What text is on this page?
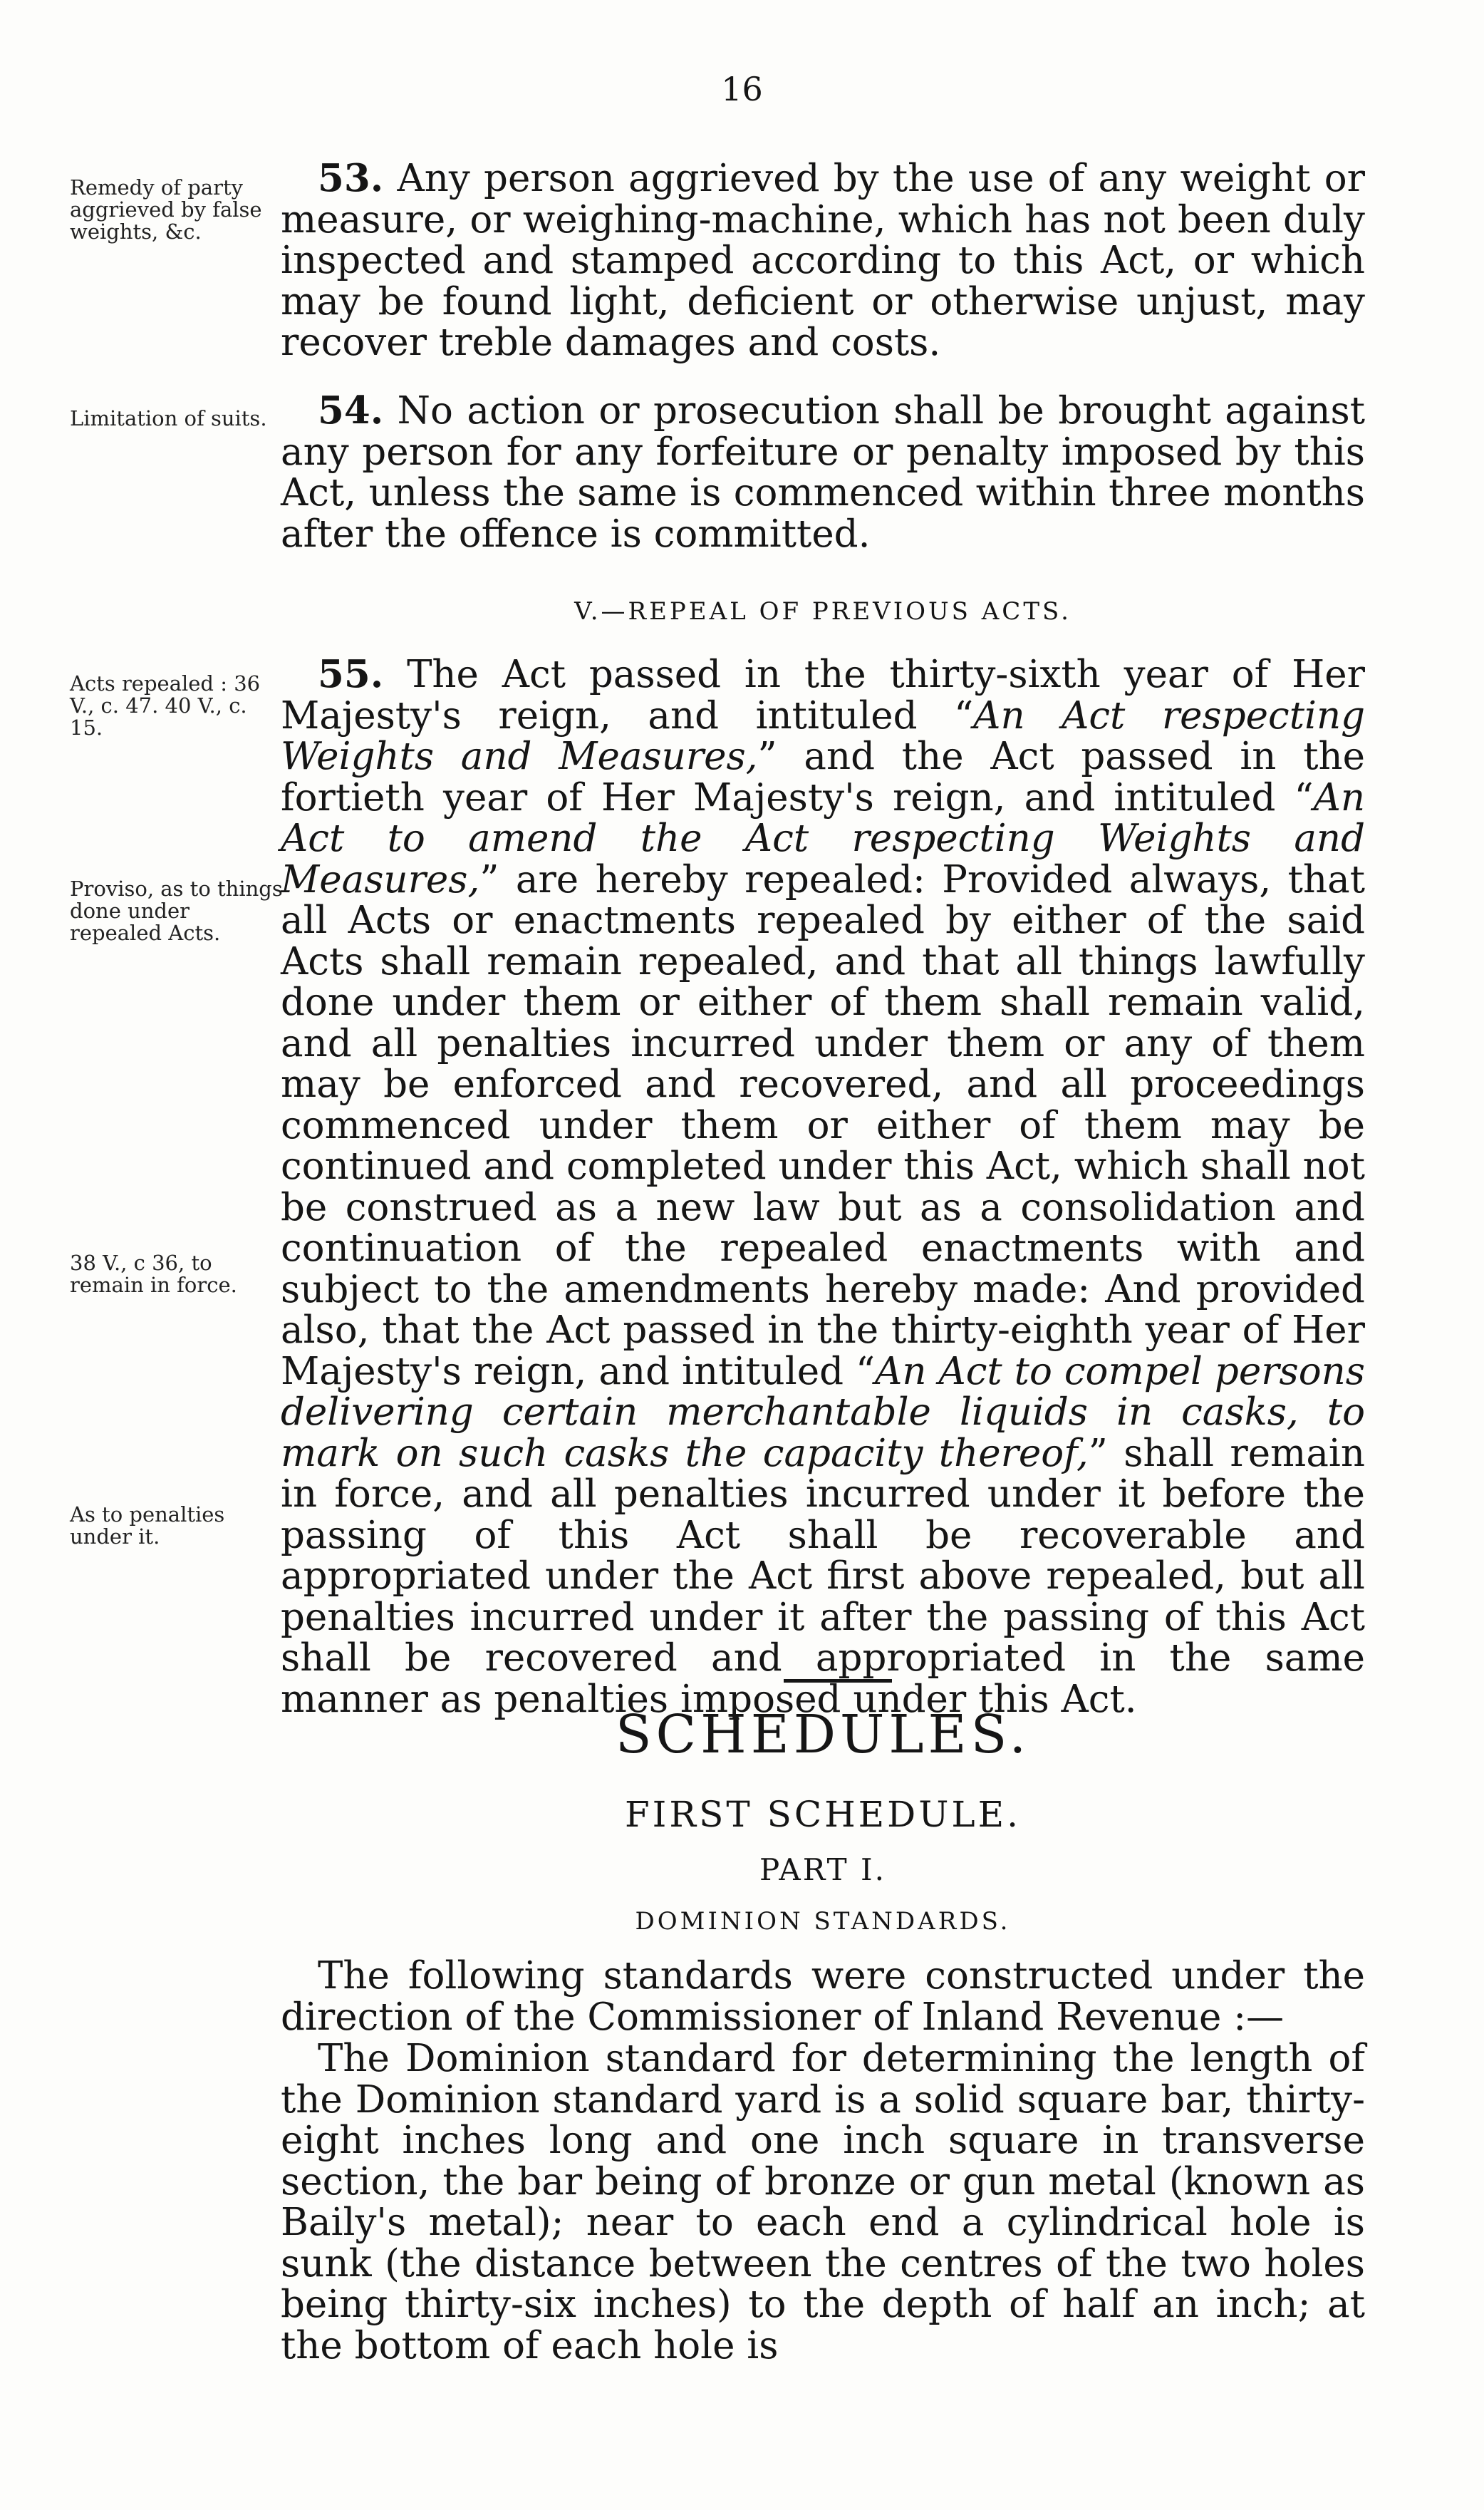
16

Remedy of party aggrieved by false weights, &c.

53. Any person aggrieved by the use of any weight or measure, or weighing-machine, which has not been duly inspected and stamped according to this Act, or which may be found light, deficient or otherwise unjust, may recover treble damages and costs.

Limitation of suits.	54. No action or prosecution shall be brought against any person for any forfeiture or penalty imposed by this Act, unless the same is commenced within three months after the offence is committed.

V.—REPEAL OF PREVIOUS ACTS.

Acts repealed : 36 V., c. 47. 40 V., c. 15.

Proviso, as to things done under repealed Acts.

38 V., c 36, to remain in force.

As to penalties under it.

55. The Act passed in the thirty-sixth year of Her Majesty's reign, and intituled “An Act respecting Weights and Measures,” and the Act passed in the fortieth year of Her Majesty's reign, and intituled “An Act to amend the Act respecting Weights and Measures,” are hereby repealed: Provided always, that all Acts or enactments repealed by either of the said Acts shall remain repealed, and that all things lawfully done under them or either of them shall remain valid, and all penalties incurred under them or any of them may be enforced and recovered, and all proceedings commenced under them or either of them may be continued and completed under this Act, which shall not be construed as a new law but as a consolidation and continuation of the repealed enactments with and subject to the amendments hereby made: And provided also, that the Act passed in the thirty-eighth year of Her Majesty's reign, and intituled “An Act to compel persons delivering certain merchantable liquids in casks, to mark on such casks the capacity thereof,” shall remain in force, and all penalties incurred under it before the passing of this Act shall be recoverable and appropriated under the Act first above repealed, but all penalties incurred under it after the passing of this Act shall be recovered and appropriated in the same manner as penalties imposed under this Act.

SCHEDULES.
FIRST SCHEDULE.
PART I.

DOMINION STANDARDS.

The following standards were constructed under the direction of the Commissioner of Inland Revenue :—

The Dominion standard for determining the length of the Dominion standard yard is a solid square bar, thirty-eight inches long and one inch square in transverse section, the bar being of bronze or gun metal (known as Baily's metal); near to each end a cylindrical hole is sunk (the distance between the centres of the two holes being thirty-six inches) to the depth of half an inch; at the bottom of each hole is
